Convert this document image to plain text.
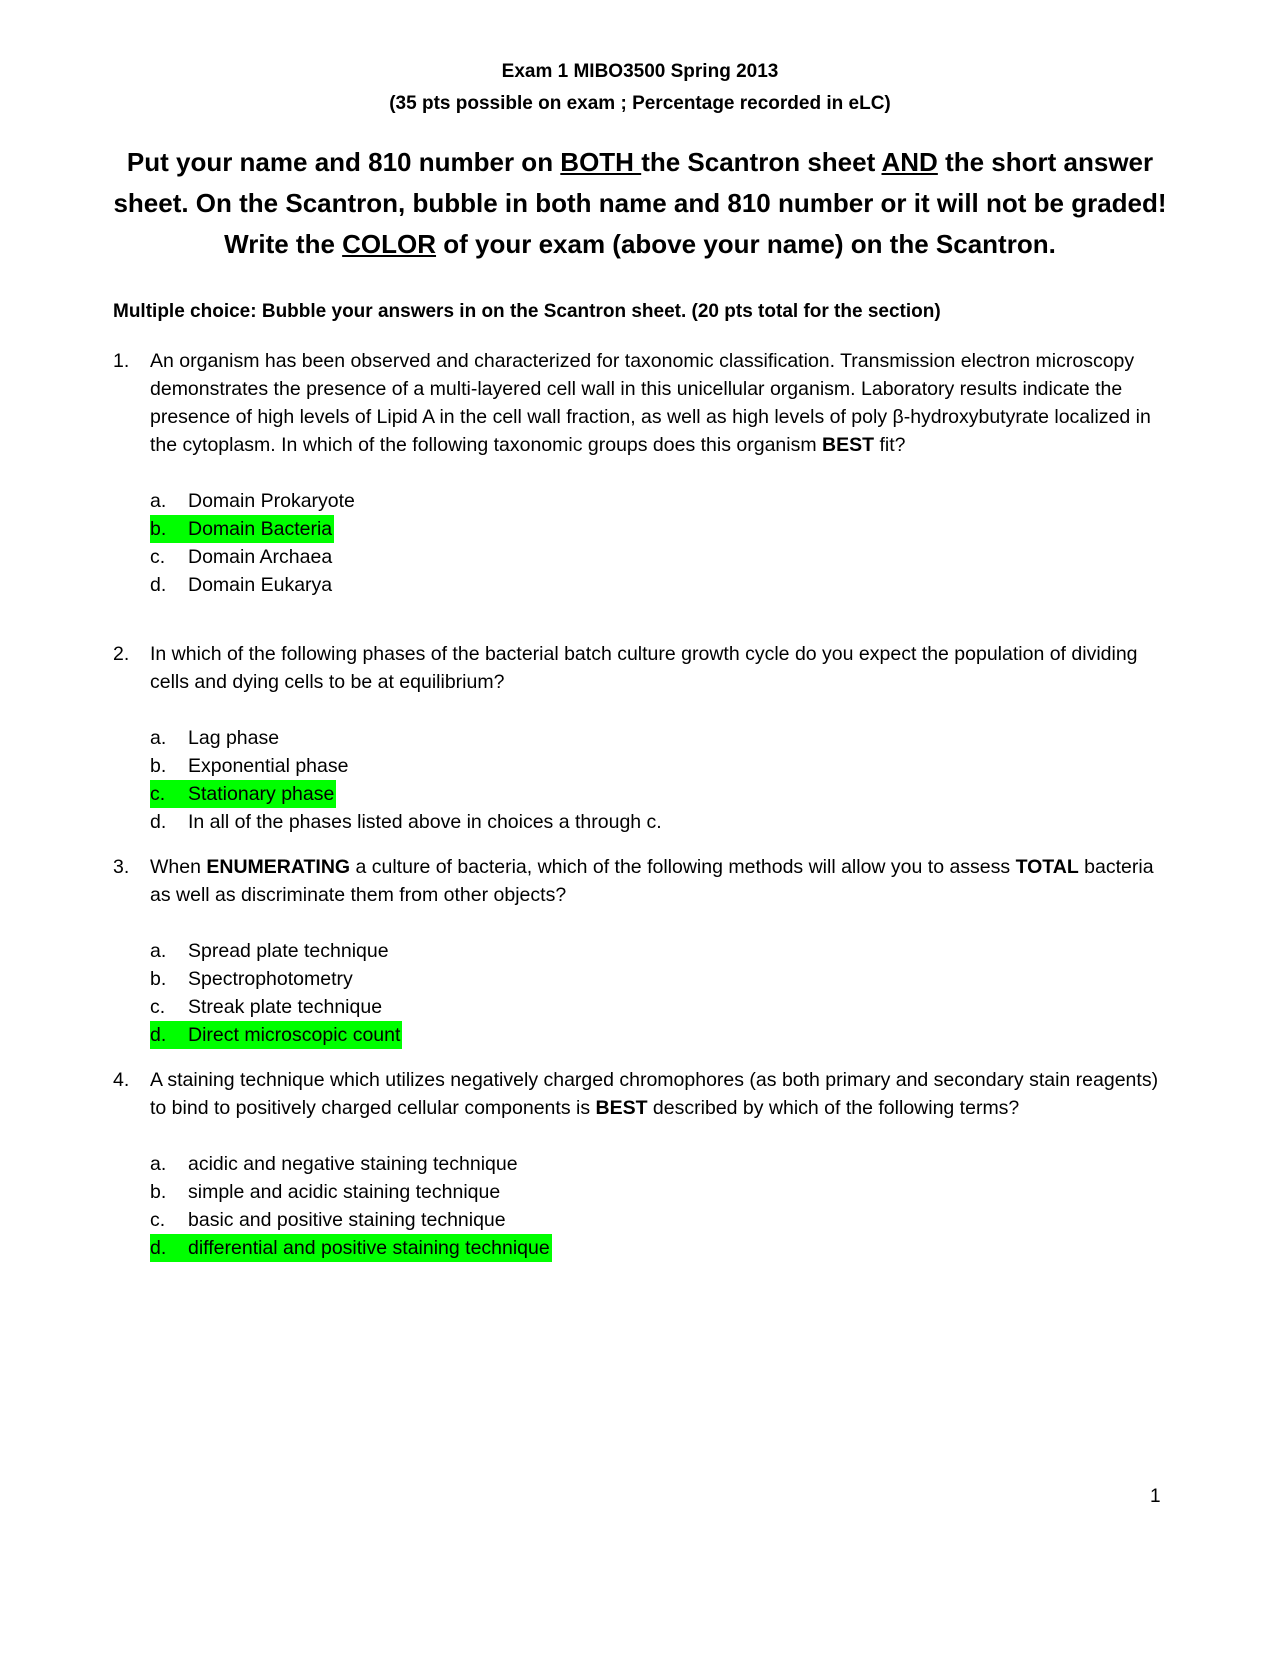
Exam 1 MIBO3500 Spring 2013
(35 pts possible on exam ; Percentage recorded in eLC)
Put your name and 810 number on BOTH the Scantron sheet AND the short answer sheet. On the Scantron, bubble in both name and 810 number or it will not be graded! Write the COLOR of your exam (above your name) on the Scantron.
Multiple choice: Bubble your answers in on the Scantron sheet. (20 pts total for the section)
1. An organism has been observed and characterized for taxonomic classification. Transmission electron microscopy demonstrates the presence of a multi-layered cell wall in this unicellular organism. Laboratory results indicate the presence of high levels of Lipid A in the cell wall fraction, as well as high levels of poly β-hydroxybutyrate localized in the cytoplasm. In which of the following taxonomic groups does this organism BEST fit?
a. Domain Prokaryote
b. Domain Bacteria
c. Domain Archaea
d. Domain Eukarya
2. In which of the following phases of the bacterial batch culture growth cycle do you expect the population of dividing cells and dying cells to be at equilibrium?
a. Lag phase
b. Exponential phase
c. Stationary phase
d. In all of the phases listed above in choices a through c.
3. When ENUMERATING a culture of bacteria, which of the following methods will allow you to assess TOTAL bacteria as well as discriminate them from other objects?
a. Spread plate technique
b. Spectrophotometry
c. Streak plate technique
d. Direct microscopic count
4. A staining technique which utilizes negatively charged chromophores (as both primary and secondary stain reagents) to bind to positively charged cellular components is BEST described by which of the following terms?
a. acidic and negative staining technique
b. simple and acidic staining technique
c. basic and positive staining technique
d. differential and positive staining technique
1
